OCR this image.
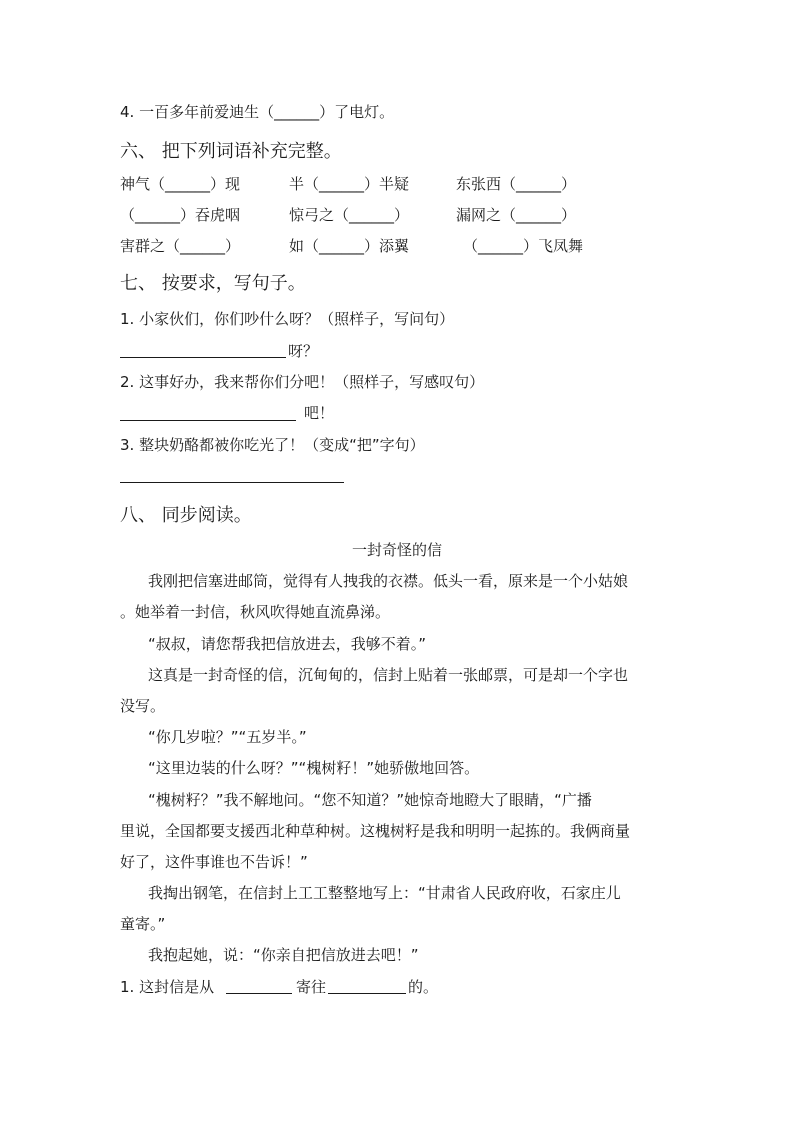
4. 一百多年前爱迪生（______）了电灯。
六、 把下列词语补充完整。
神气（______）现	半（______）半疑	东张西（______）
（______）吞虎咽	惊弓之（______）	漏网之（______）
害群之（______）	如（______）添翼	（______）飞凤舞
七、 按要求，写句子。
1. 小家伙们，你们吵什么呀？（照样子，写问句）
呀？
2. 这事好办，我来帮你们分吧！（照样子，写感叹句）
吧！
3. 整块奶酪都被你吃光了！（变成“把”字句）
八、 同步阅读。
一封奇怪的信
我刚把信塞进邮筒，觉得有人拽我的衣襟。低头一看，原来是一个小姑娘
。她举着一封信，秋风吹得她直流鼻涕。
“叔叔，请您帮我把信放进去，我够不着。”
这真是一封奇怪的信，沉甸甸的，信封上贴着一张邮票，可是却一个字也
没写。
“你几岁啦？”“五岁半。”
“这里边装的什么呀？”“槐树籽！”她骄傲地回答。
“槐树籽？”我不解地问。“您不知道？”她惊奇地瞪大了眼睛，“广播
里说，全国都要支援西北种草种树。这槐树籽是我和明明一起拣的。我俩商量
好了，这件事谁也不告诉！”
我掏出钢笔，在信封上工工整整地写上：“甘肃省人民政府收，石家庄儿
童寄。”
我抱起她，说：“你亲自把信放进去吧！”
1. 这封信是从	寄往	的。
